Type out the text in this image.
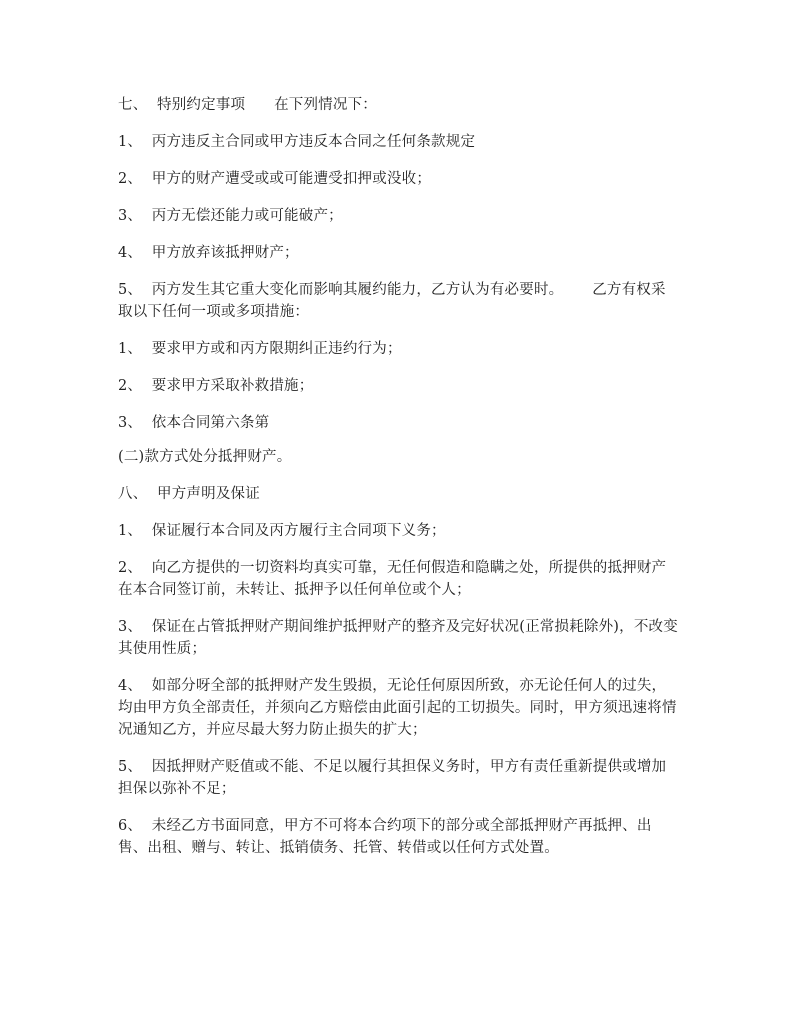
七、  特别约定事项      在下列情况下：

1、  丙方违反主合同或甲方违反本合同之任何条款规定

2、  甲方的财产遭受或或可能遭受扣押或没收；

3、  丙方无偿还能力或可能破产；

4、  甲方放弃该抵押财产；

5、  丙方发生其它重大变化而影响其履约能力，乙方认为有必要时。      乙方有权采取以下任何一项或多项措施：

1、  要求甲方或和丙方限期纠正违约行为；

2、  要求甲方采取补救措施；

3、  依本合同第六条第

(二)款方式处分抵押财产。

八、  甲方声明及保证

1、  保证履行本合同及丙方履行主合同项下义务；

2、  向乙方提供的一切资料均真实可靠，无任何假造和隐瞒之处，所提供的抵押财产在本合同签订前，未转让、抵押予以任何单位或个人；

3、  保证在占管抵押财产期间维护抵押财产的整齐及完好状况(正常损耗除外)，不改变其使用性质；

4、  如部分呀全部的抵押财产发生毁损，无论任何原因所致，亦无论任何人的过失，均由甲方负全部责任，并须向乙方赔偿由此面引起的工切损失。同时，甲方须迅速将情况通知乙方，并应尽最大努力防止损失的扩大；

5、  因抵押财产贬值或不能、不足以履行其担保义务时，甲方有责任重新提供或增加担保以弥补不足；

6、  未经乙方书面同意，甲方不可将本合约项下的部分或全部抵押财产再抵押、出售、出租、赠与、转让、抵销债务、托管、转借或以任何方式处置。
